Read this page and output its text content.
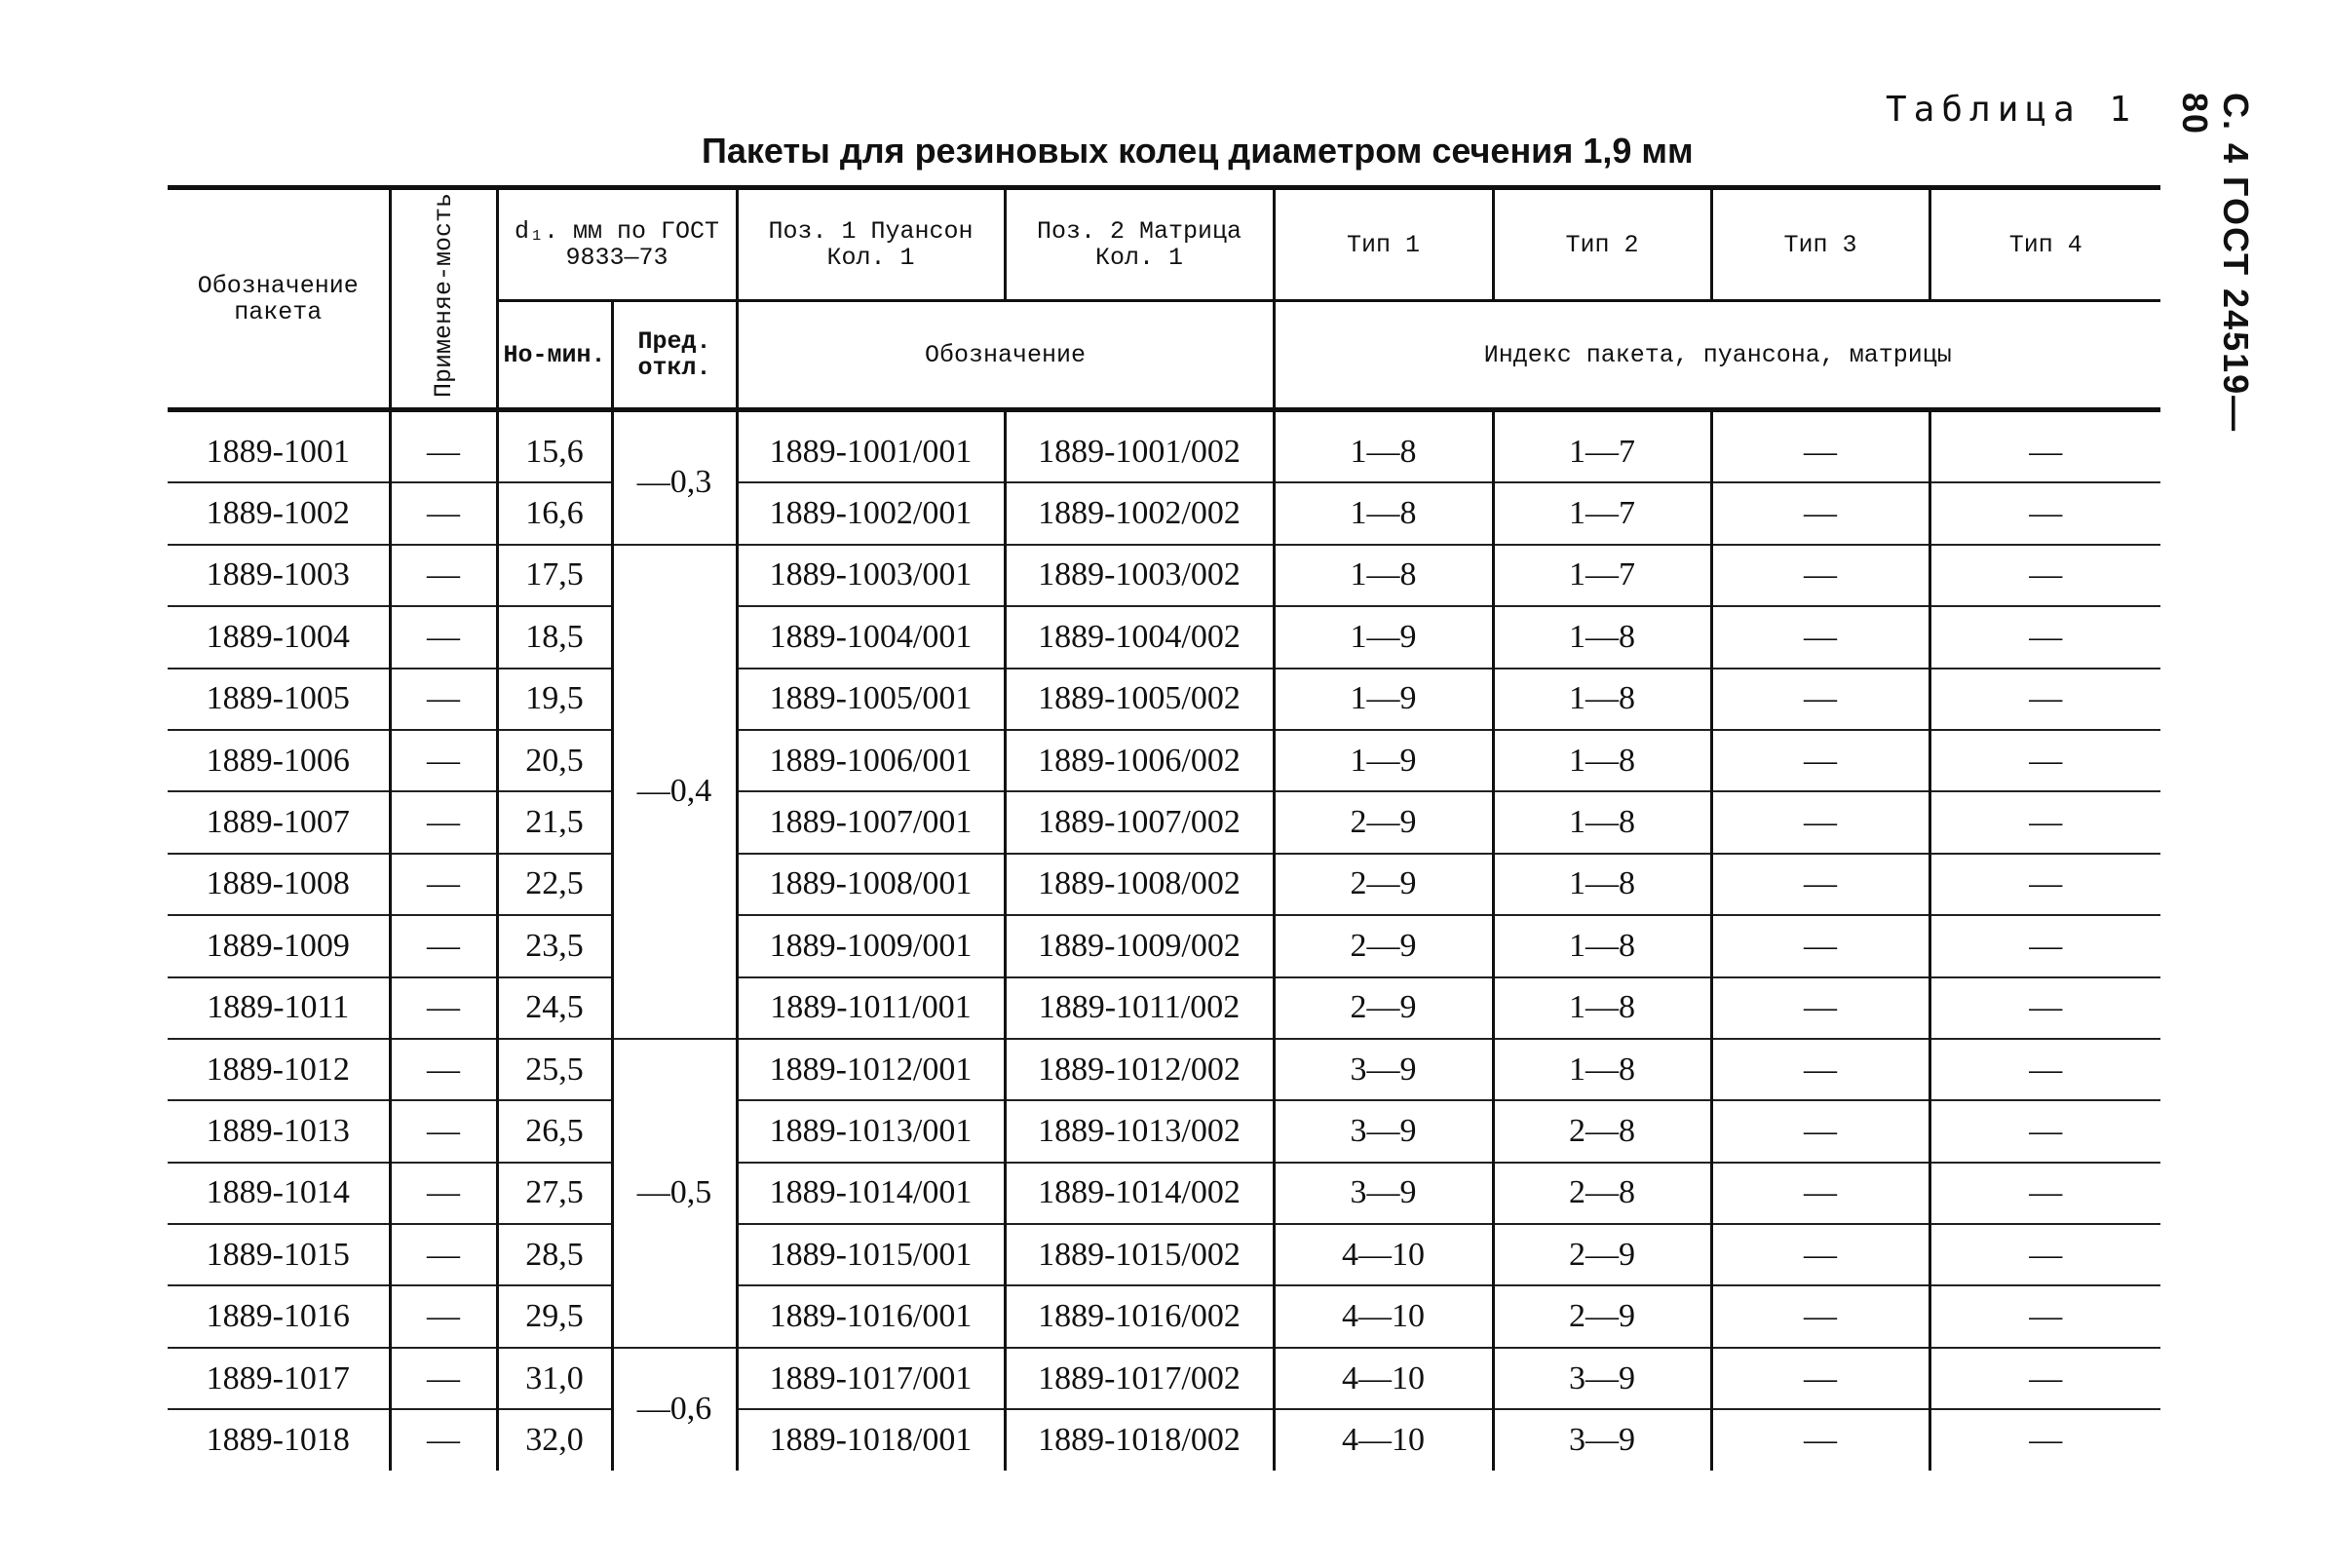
Таблица 1
Пакеты для резиновых колец диаметром сечения 1,9 мм	С. 4 ГОСТ 24519—80
Обозначение пакета	Применяе-мость	d₁. мм по ГОСТ 9833—73		Поз. 1 Пуансон Кол. 1	Поз. 2 Матрица Кол. 1	Тип 1	Тип 2	Тип 3	Тип 4
		Но-мин.	Пред. откл.	Обозначение		Индекс пакета, пуансона, матрицы			
1889-1001	—	15,6	—0,3	1889-1001/001	1889-1001/002	1—8	1—7	—	—
1889-1002	—	16,6		1889-1002/001	1889-1002/002	1—8	1—7	—	—
1889-1003	—	17,5	—0,4	1889-1003/001	1889-1003/002	1—8	1—7	—	—
1889-1004	—	18,5		1889-1004/001	1889-1004/002	1—9	1—8	—	—
1889-1005	—	19,5		1889-1005/001	1889-1005/002	1—9	1—8	—	—
1889-1006	—	20,5		1889-1006/001	1889-1006/002	1—9	1—8	—	—
1889-1007	—	21,5		1889-1007/001	1889-1007/002	2—9	1—8	—	—
1889-1008	—	22,5		1889-1008/001	1889-1008/002	2—9	1—8	—	—
1889-1009	—	23,5		1889-1009/001	1889-1009/002	2—9	1—8	—	—
1889-1011	—	24,5		1889-1011/001	1889-1011/002	2—9	1—8	—	—
1889-1012	—	25,5	—0,5	1889-1012/001	1889-1012/002	3—9	1—8	—	—
1889-1013	—	26,5		1889-1013/001	1889-1013/002	3—9	2—8	—	—
1889-1014	—	27,5		1889-1014/001	1889-1014/002	3—9	2—8	—	—
1889-1015	—	28,5		1889-1015/001	1889-1015/002	4—10	2—9	—	—
1889-1016	—	29,5		1889-1016/001	1889-1016/002	4—10	2—9	—	—
1889-1017	—	31,0	—0,6	1889-1017/001	1889-1017/002	4—10	3—9	—	—
1889-1018	—	32,0		1889-1018/001	1889-1018/002	4—10	3—9	—	—
